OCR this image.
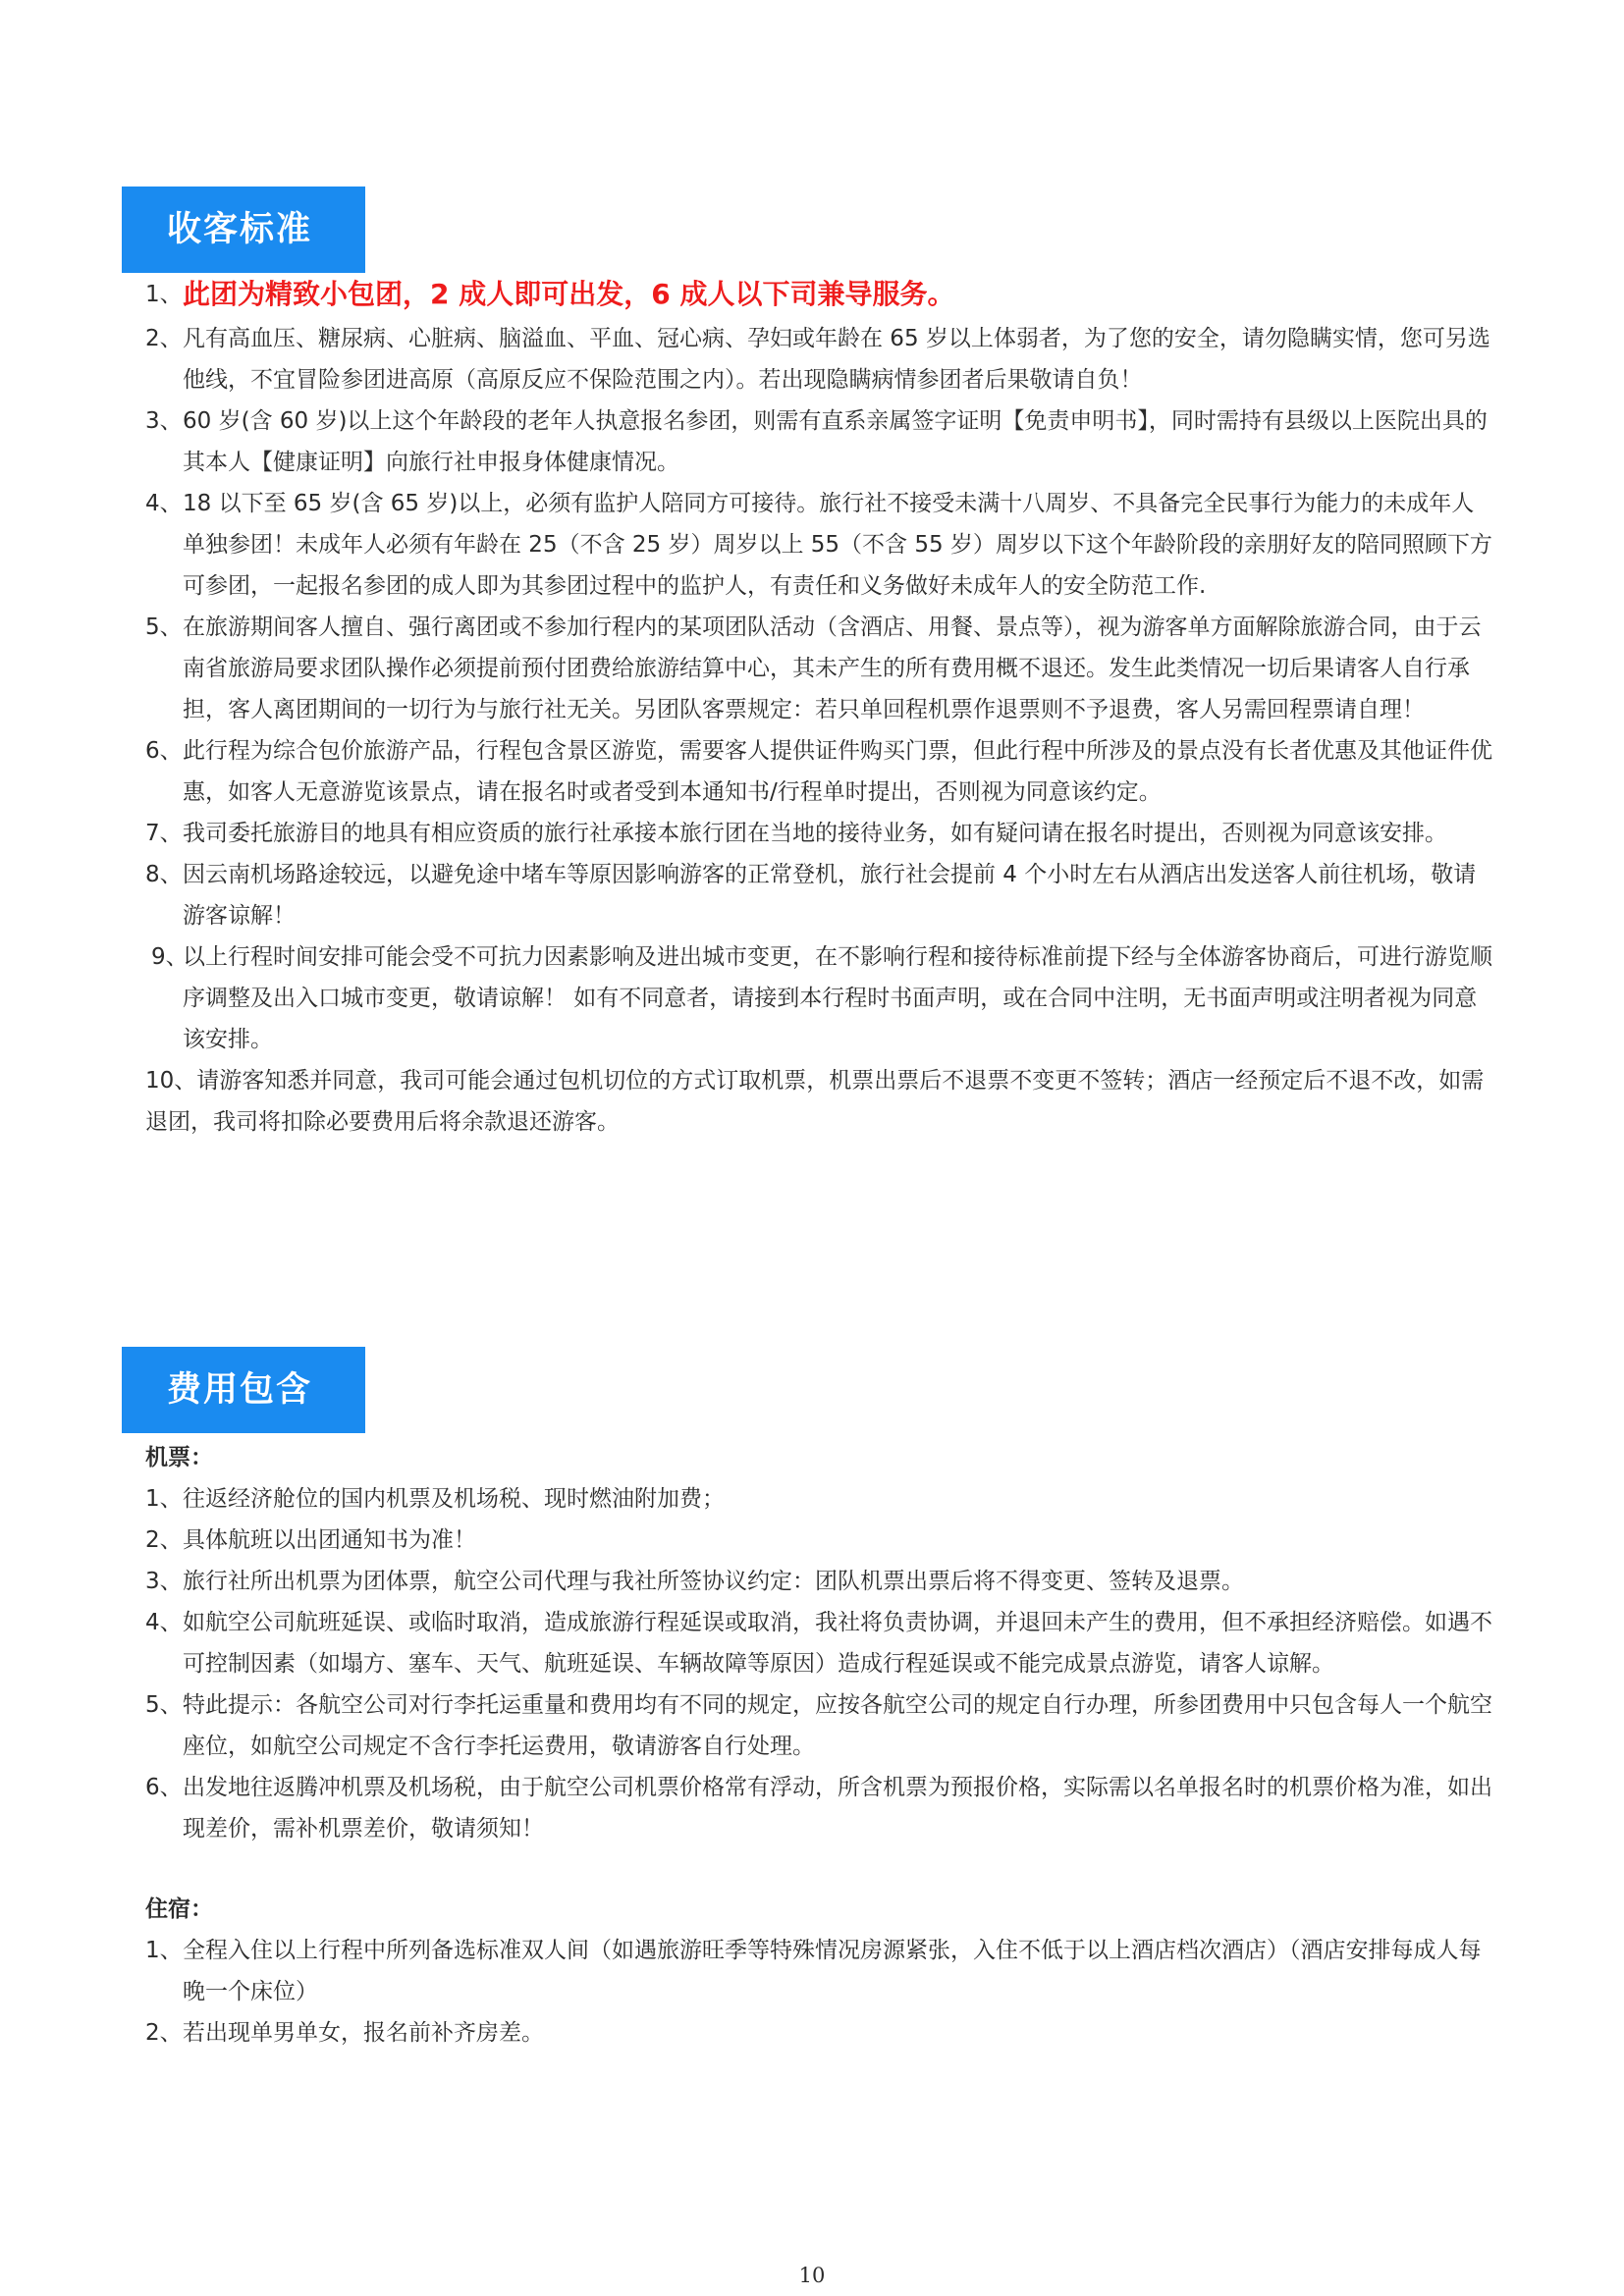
收客标准
1、 此团为精致小包团，2 成人即可出发，6 成人以下司兼导服务。
2、 凡有高血压、糖尿病、心脏病、脑溢血、平血、冠心病、孕妇或年龄在 65 岁以上体弱者，为了您的安全，请勿隐瞒实情，您可另选他线，不宜冒险参团进高原（高原反应不保险范围之内）。若出现隐瞒病情参团者后果敬请自负！
3、 60 岁(含 60 岁)以上这个年龄段的老年人执意报名参团，则需有直系亲属签字证明【免责申明书】，同时需持有县级以上医院出具的其本人【健康证明】向旅行社申报身体健康情况。
4、 18 以下至 65 岁(含 65 岁)以上，必须有监护人陪同方可接待。旅行社不接受未满十八周岁、不具备完全民事行为能力的未成年人单独参团！未成年人必须有年龄在 25（不含 25 岁）周岁以上 55（不含 55 岁）周岁以下这个年龄阶段的亲朋好友的陪同照顾下方可参团，一起报名参团的成人即为其参团过程中的监护人，有责任和义务做好未成年人的安全防范工作.
5、 在旅游期间客人擅自、强行离团或不参加行程内的某项团队活动（含酒店、用餐、景点等），视为游客单方面解除旅游合同，由于云南省旅游局要求团队操作必须提前预付团费给旅游结算中心，其未产生的所有费用概不退还。发生此类情况一切后果请客人自行承担，客人离团期间的一切行为与旅行社无关。另团队客票规定：若只单回程机票作退票则不予退费，客人另需回程票请自理！
6、 此行程为综合包价旅游产品，行程包含景区游览，需要客人提供证件购买门票，但此行程中所涉及的景点没有长者优惠及其他证件优惠，如客人无意游览该景点，请在报名时或者受到本通知书/行程单时提出，否则视为同意该约定。
7、 我司委托旅游目的地具有相应资质的旅行社承接本旅行团在当地的接待业务，如有疑问请在报名时提出，否则视为同意该安排。
8、 因云南机场路途较远，以避免途中堵车等原因影响游客的正常登机，旅行社会提前 4 个小时左右从酒店出发送客人前往机场，敬请游客谅解！
9、
以上行程时间安排可能会受不可抗力因素影响及进出城市变更，在不影响行程和接待标准前提下经与全体游客协商后，可进行游览顺序调整及出入口城市变更，敬请谅解！ 如有不同意者，请接到本行程时书面声明，或在合同中注明，无书面声明或注明者视为同意该安排。
10、请游客知悉并同意，我司可能会通过包机切位的方式订取机票，机票出票后不退票不变更不签转；酒店一经预定后不退不改，如需退团，我司将扣除必要费用后将余款退还游客。
费用包含
机票：
1、 往返经济舱位的国内机票及机场税、现时燃油附加费；
2、 具体航班以出团通知书为准！
3、 旅行社所出机票为团体票，航空公司代理与我社所签协议约定：团队机票出票后将不得变更、签转及退票。
4、 如航空公司航班延误、或临时取消，造成旅游行程延误或取消，我社将负责协调，并退回未产生的费用，但不承担经济赔偿。如遇不可控制因素（如塌方、塞车、天气、航班延误、车辆故障等原因）造成行程延误或不能完成景点游览，请客人谅解。
5、 特此提示：各航空公司对行李托运重量和费用均有不同的规定，应按各航空公司的规定自行办理，所参团费用中只包含每人一个航空座位，如航空公司规定不含行李托运费用，敬请游客自行处理。
6、 出发地往返腾冲机票及机场税，由于航空公司机票价格常有浮动，所含机票为预报价格，实际需以名单报名时的机票价格为准，如出现差价，需补机票差价，敬请须知！
住宿：
1、 全程入住以上行程中所列备选标准双人间（如遇旅游旺季等特殊情况房源紧张，入住不低于以上酒店档次酒店）（酒店安排每成人每晚一个床位）
2、 若出现单男单女，报名前补齐房差。
10
